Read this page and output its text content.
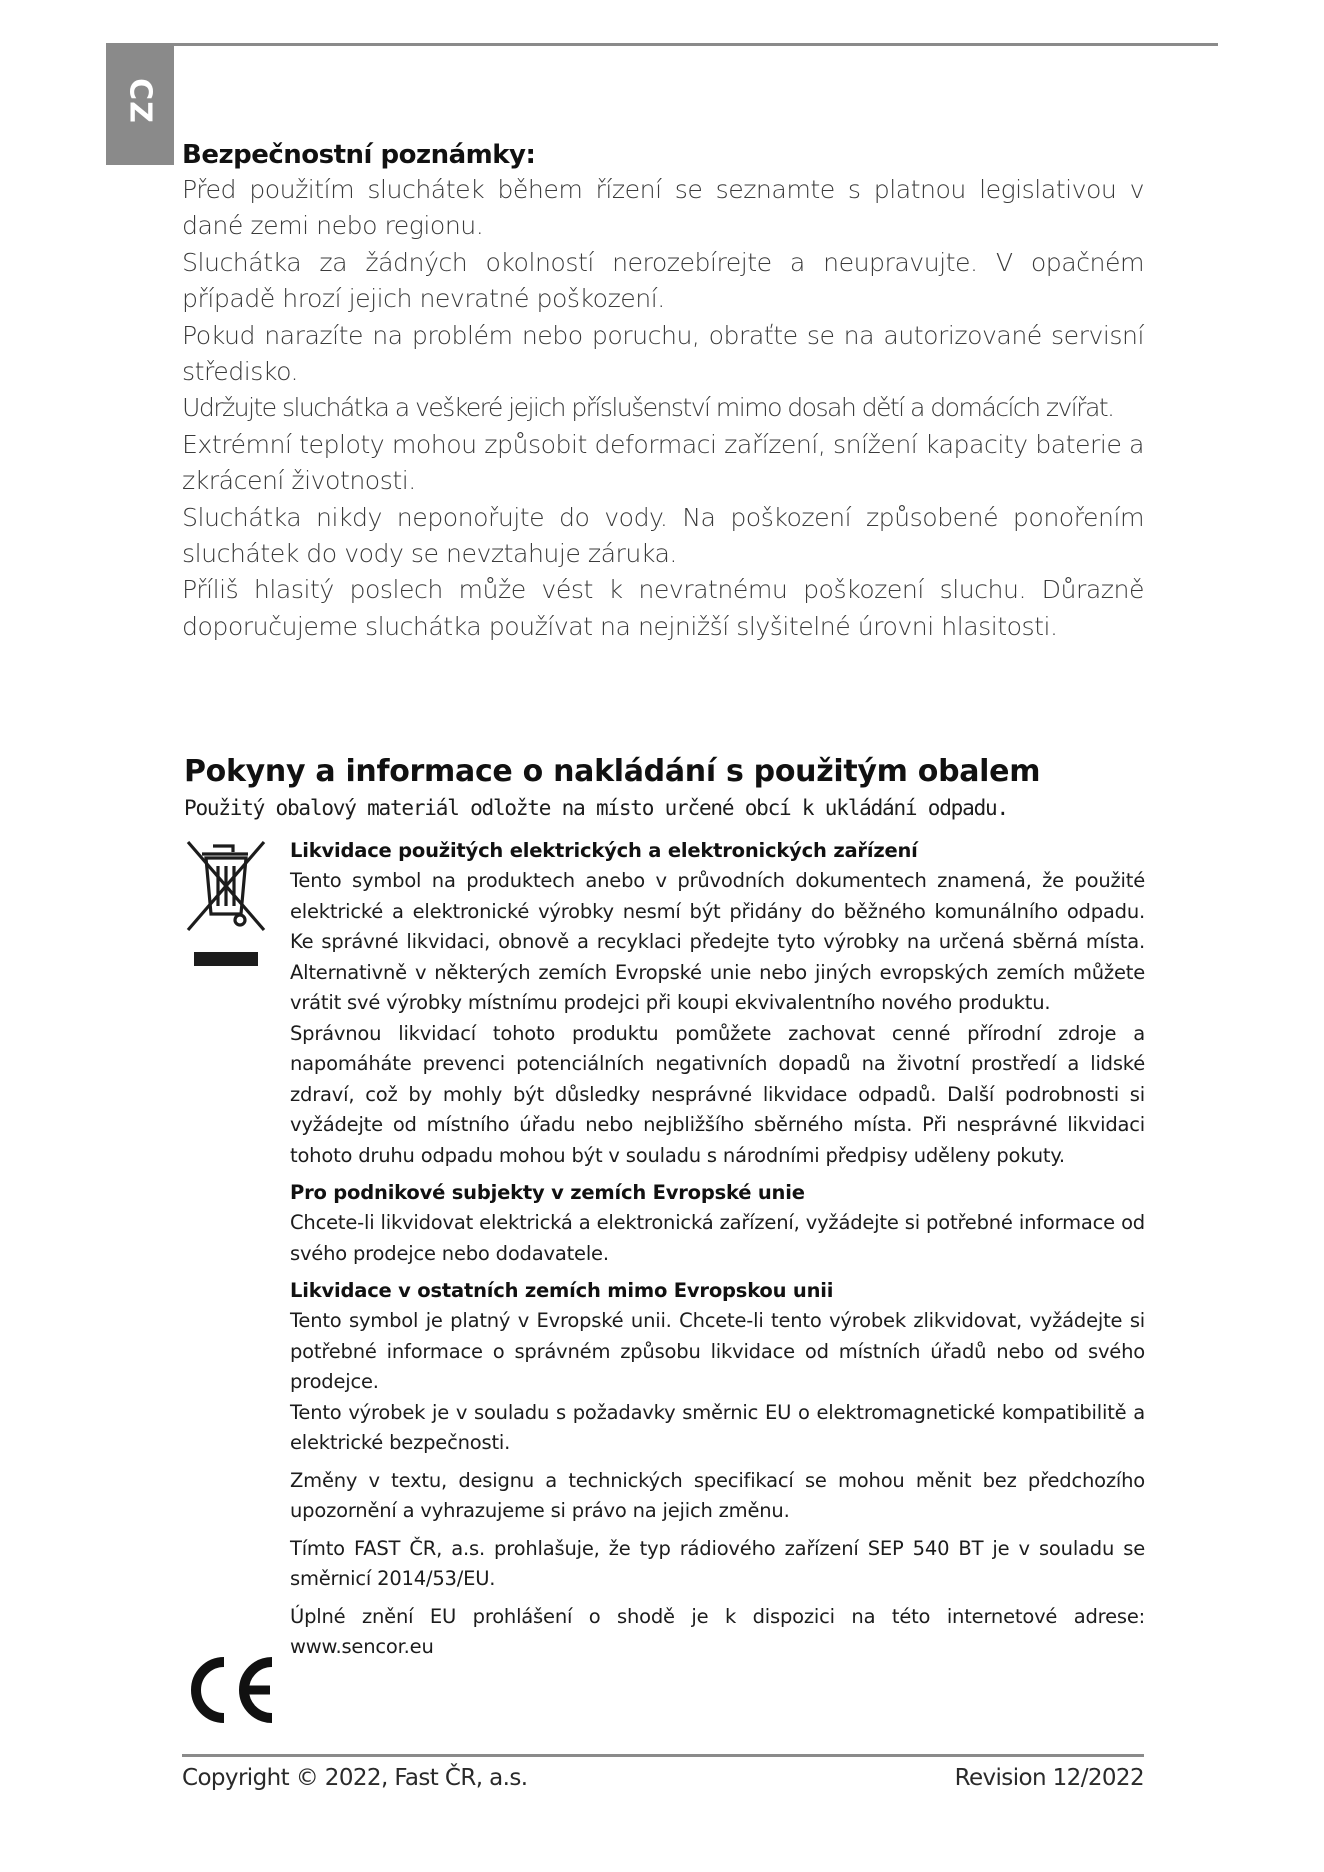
CZ
Bezpečnostní poznámky:

Před použitím sluchátek během řízení se seznamte s platnou legislativou v dané zemi nebo regionu.

Sluchátka za žádných okolností nerozebírejte a neupravujte. V opačném případě hrozí jejich nevratné poškození.

Pokud narazíte na problém nebo poruchu, obraťte se na autorizované servisní středisko.

Udržujte sluchátka a veškeré jejich příslušenství mimo dosah dětí a domácích zvířat.

Extrémní teploty mohou způsobit deformaci zařízení, snížení kapacity baterie a zkrácení životnosti.

Sluchátka nikdy neponořujte do vody. Na poškození způsobené ponořením sluchátek do vody se nevztahuje záruka.

Příliš hlasitý poslech může vést k nevratnému poškození sluchu. Důrazně doporučujeme sluchátka používat na nejnižší slyšitelné úrovni hlasitosti.

Pokyny a informace o nakládání s použitým obalem

Použitý obalový materiál odložte na místo určené obcí k ukládání odpadu.

Likvidace použitých elektrických a elektronických zařízení

Tento symbol na produktech anebo v průvodních dokumentech znamená, že použité elektrické a elektronické výrobky nesmí být přidány do běžného komunálního odpadu. Ke správné likvidaci, obnově a recyklaci předejte tyto výrobky na určená sběrná místa. Alternativně v některých zemích Evropské unie nebo jiných evropských zemích můžete vrátit své výrobky místnímu prodejci při koupi ekvivalentního nového produktu.

Správnou likvidací tohoto produktu pomůžete zachovat cenné přírodní zdroje a napomáháte prevenci potenciálních negativních dopadů na životní prostředí a lidské zdraví, což by mohly být důsledky nesprávné likvidace odpadů. Další podrobnosti si vyžádejte od místního úřadu nebo nejbližšího sběrného místa. Při nesprávné likvidaci tohoto druhu odpadu mohou být v souladu s národními předpisy uděleny pokuty.

Pro podnikové subjekty v zemích Evropské unie

Chcete-li likvidovat elektrická a elektronická zařízení, vyžádejte si potřebné informace od svého prodejce nebo dodavatele.

Likvidace v ostatních zemích mimo Evropskou unii

Tento symbol je platný v Evropské unii. Chcete-li tento výrobek zlikvidovat, vyžádejte si potřebné informace o správném způsobu likvidace od místních úřadů nebo od svého prodejce.

Tento výrobek je v souladu s požadavky směrnic EU o elektromagnetické kompatibilitě a elektrické bezpečnosti.

Změny v textu, designu a technických specifikací se mohou měnit bez předchozího upozornění a vyhrazujeme si právo na jejich změnu.

Tímto FAST ČR, a.s. prohlašuje, že typ rádiového zařízení SEP 540 BT je v souladu se směrnicí 2014/53/EU.

Úplné znění EU prohlášení o shodě je k dispozici na této internetové adrese: www.sencor.eu

Copyright © 2022, Fast ČR, a.s.	Revision 12/2022
